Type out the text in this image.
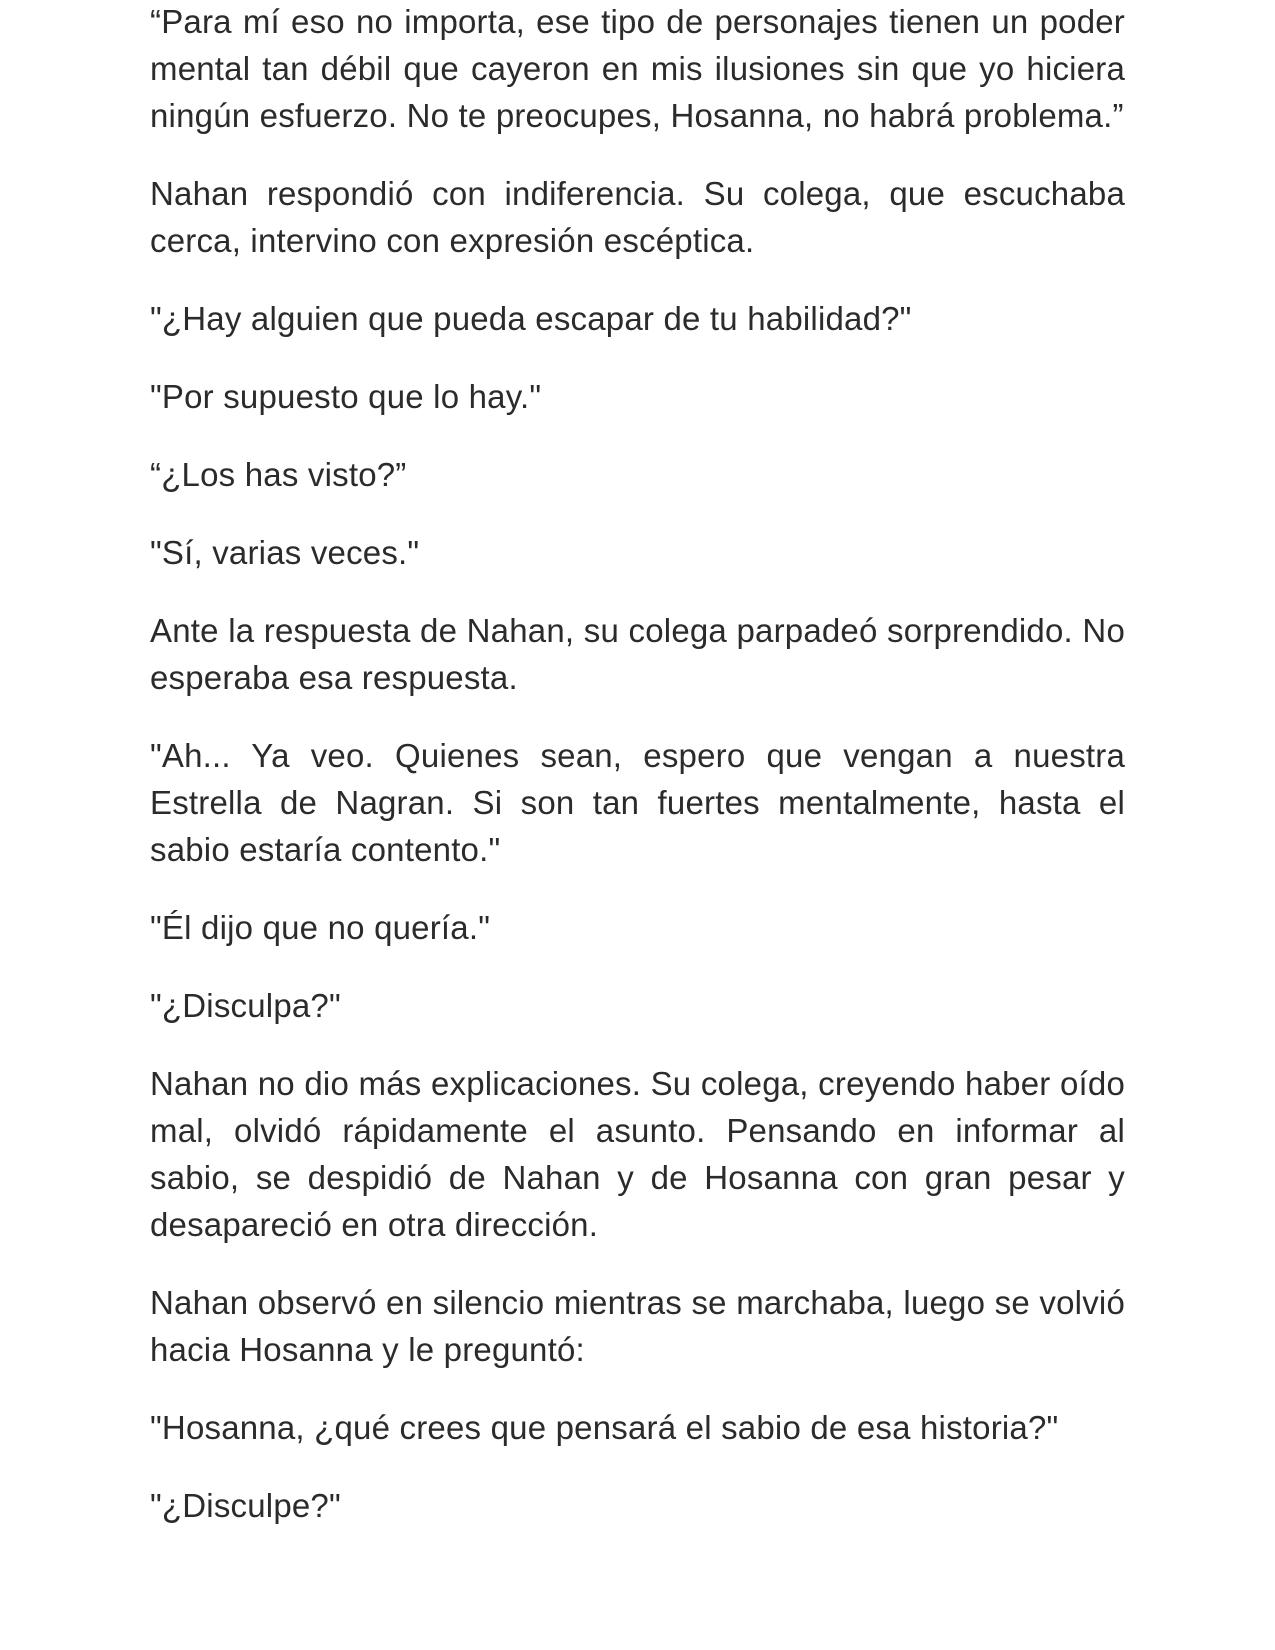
“Para mí eso no importa, ese tipo de personajes tienen un poder mental tan débil que cayeron en mis ilusiones sin que yo hiciera ningún esfuerzo. No te preocupes, Hosanna, no habrá problema.”

Nahan respondió con indiferencia. Su colega, que escuchaba cerca, intervino con expresión escéptica.

"¿Hay alguien que pueda escapar de tu habilidad?"

"Por supuesto que lo hay."

“¿Los has visto?”

"Sí, varias veces."

Ante la respuesta de Nahan, su colega parpadeó sorprendido. No esperaba esa respuesta.

"Ah... Ya veo. Quienes sean, espero que vengan a nuestra Estrella de Nagran. Si son tan fuertes mentalmente, hasta el sabio estaría contento."

"Él dijo que no quería."

"¿Disculpa?"

Nahan no dio más explicaciones. Su colega, creyendo haber oído mal, olvidó rápidamente el asunto. Pensando en informar al sabio, se despidió de Nahan y de Hosanna con gran pesar y desapareció en otra dirección.

Nahan observó en silencio mientras se marchaba, luego se volvió hacia Hosanna y le preguntó:

"Hosanna, ¿qué crees que pensará el sabio de esa historia?"

"¿Disculpe?"
